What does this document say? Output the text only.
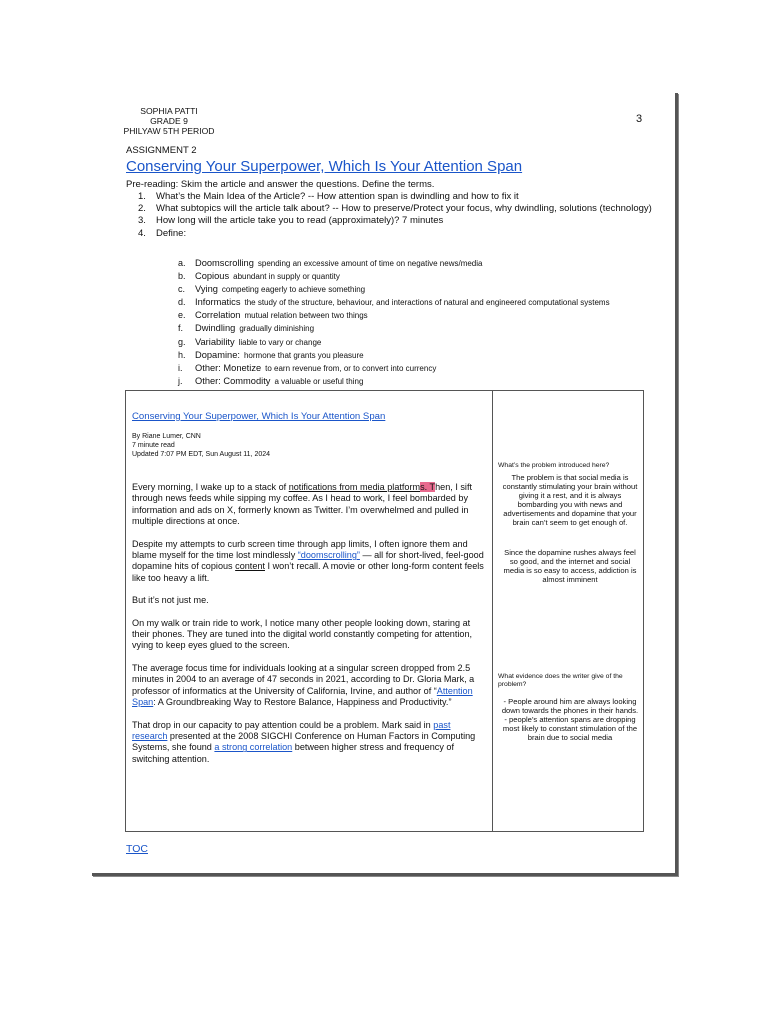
SOPHIA PATTI
GRADE 9
PHILYAW 5TH PERIOD
3
ASSIGNMENT 2
Conserving Your Superpower, Which Is Your Attention Span
Pre-reading: Skim the article and answer the questions. Define the terms.
1.	What’s the Main Idea of the Article? -- How attention span is dwindling and how to fix it
2.	What subtopics will the article talk about? -- How to preserve/Protect your focus, why dwindling, solutions (technology)
3.	How long will the article take you to read (approximately)? 7 minutes
4.	Define:
a.	Doomscrolling spending an excessive amount of time on negative news/media
b.	Copious abundant in supply or quantity
c.	Vying competing eagerly to achieve something
d.	Informatics the study of the structure, behaviour, and interactions of natural and engineered computational systems
e.	Correlation mutual relation between two things
f.	Dwindling gradually diminishing
g.	Variability liable to vary or change
h.	Dopamine: hormone that grants you pleasure
i.	Other: Monetize to earn revenue from, or to convert into currency
j.	Other: Commodity a valuable or useful thing
Conserving Your Superpower, Which Is Your Attention Span
By Riane Lumer, CNN
7 minute read
Updated 7:07 PM EDT, Sun August 11, 2024

Every morning, I wake up to a stack of notifications from media platforms. Then, I sift through news feeds while sipping my coffee. As I head to work, I feel bombarded by information and ads on X, formerly known as Twitter. I’m overwhelmed and pulled in multiple directions at once.

Despite my attempts to curb screen time through app limits, I often ignore them and blame myself for the time lost mindlessly “doomscrolling” — all for short-lived, feel-good dopamine hits of copious content I won’t recall. A movie or other long-form content feels like too heavy a lift.

But it’s not just me.

On my walk or train ride to work, I notice many other people looking down, staring at their phones. They are tuned into the digital world constantly competing for attention, vying to keep eyes glued to the screen.

The average focus time for individuals looking at a singular screen dropped from 2.5 minutes in 2004 to an average of 47 seconds in 2021, according to Dr. Gloria Mark, a professor of informatics at the University of California, Irvine, and author of “Attention Span: A Groundbreaking Way to Restore Balance, Happiness and Productivity.”

That drop in our capacity to pay attention could be a problem. Mark said in past research presented at the 2008 SIGCHI Conference on Human Factors in Computing Systems, she found a strong correlation between higher stress and frequency of switching attention.

What’s the problem introduced here?
The problem is that social media is constantly stimulating your brain without giving it a rest, and it is always bombarding you with news and advertisements and dopamine that your brain can’t seem to get enough of.
Since the dopamine rushes always feel so good, and the internet and social media is so easy to access, addiction is almost imminent
What evidence does the writer give of the problem?
- People around him are always looking down towards the phones in their hands.
- people’s attention spans are dropping most likely to constant stimulation of the brain due to social media
TOC
